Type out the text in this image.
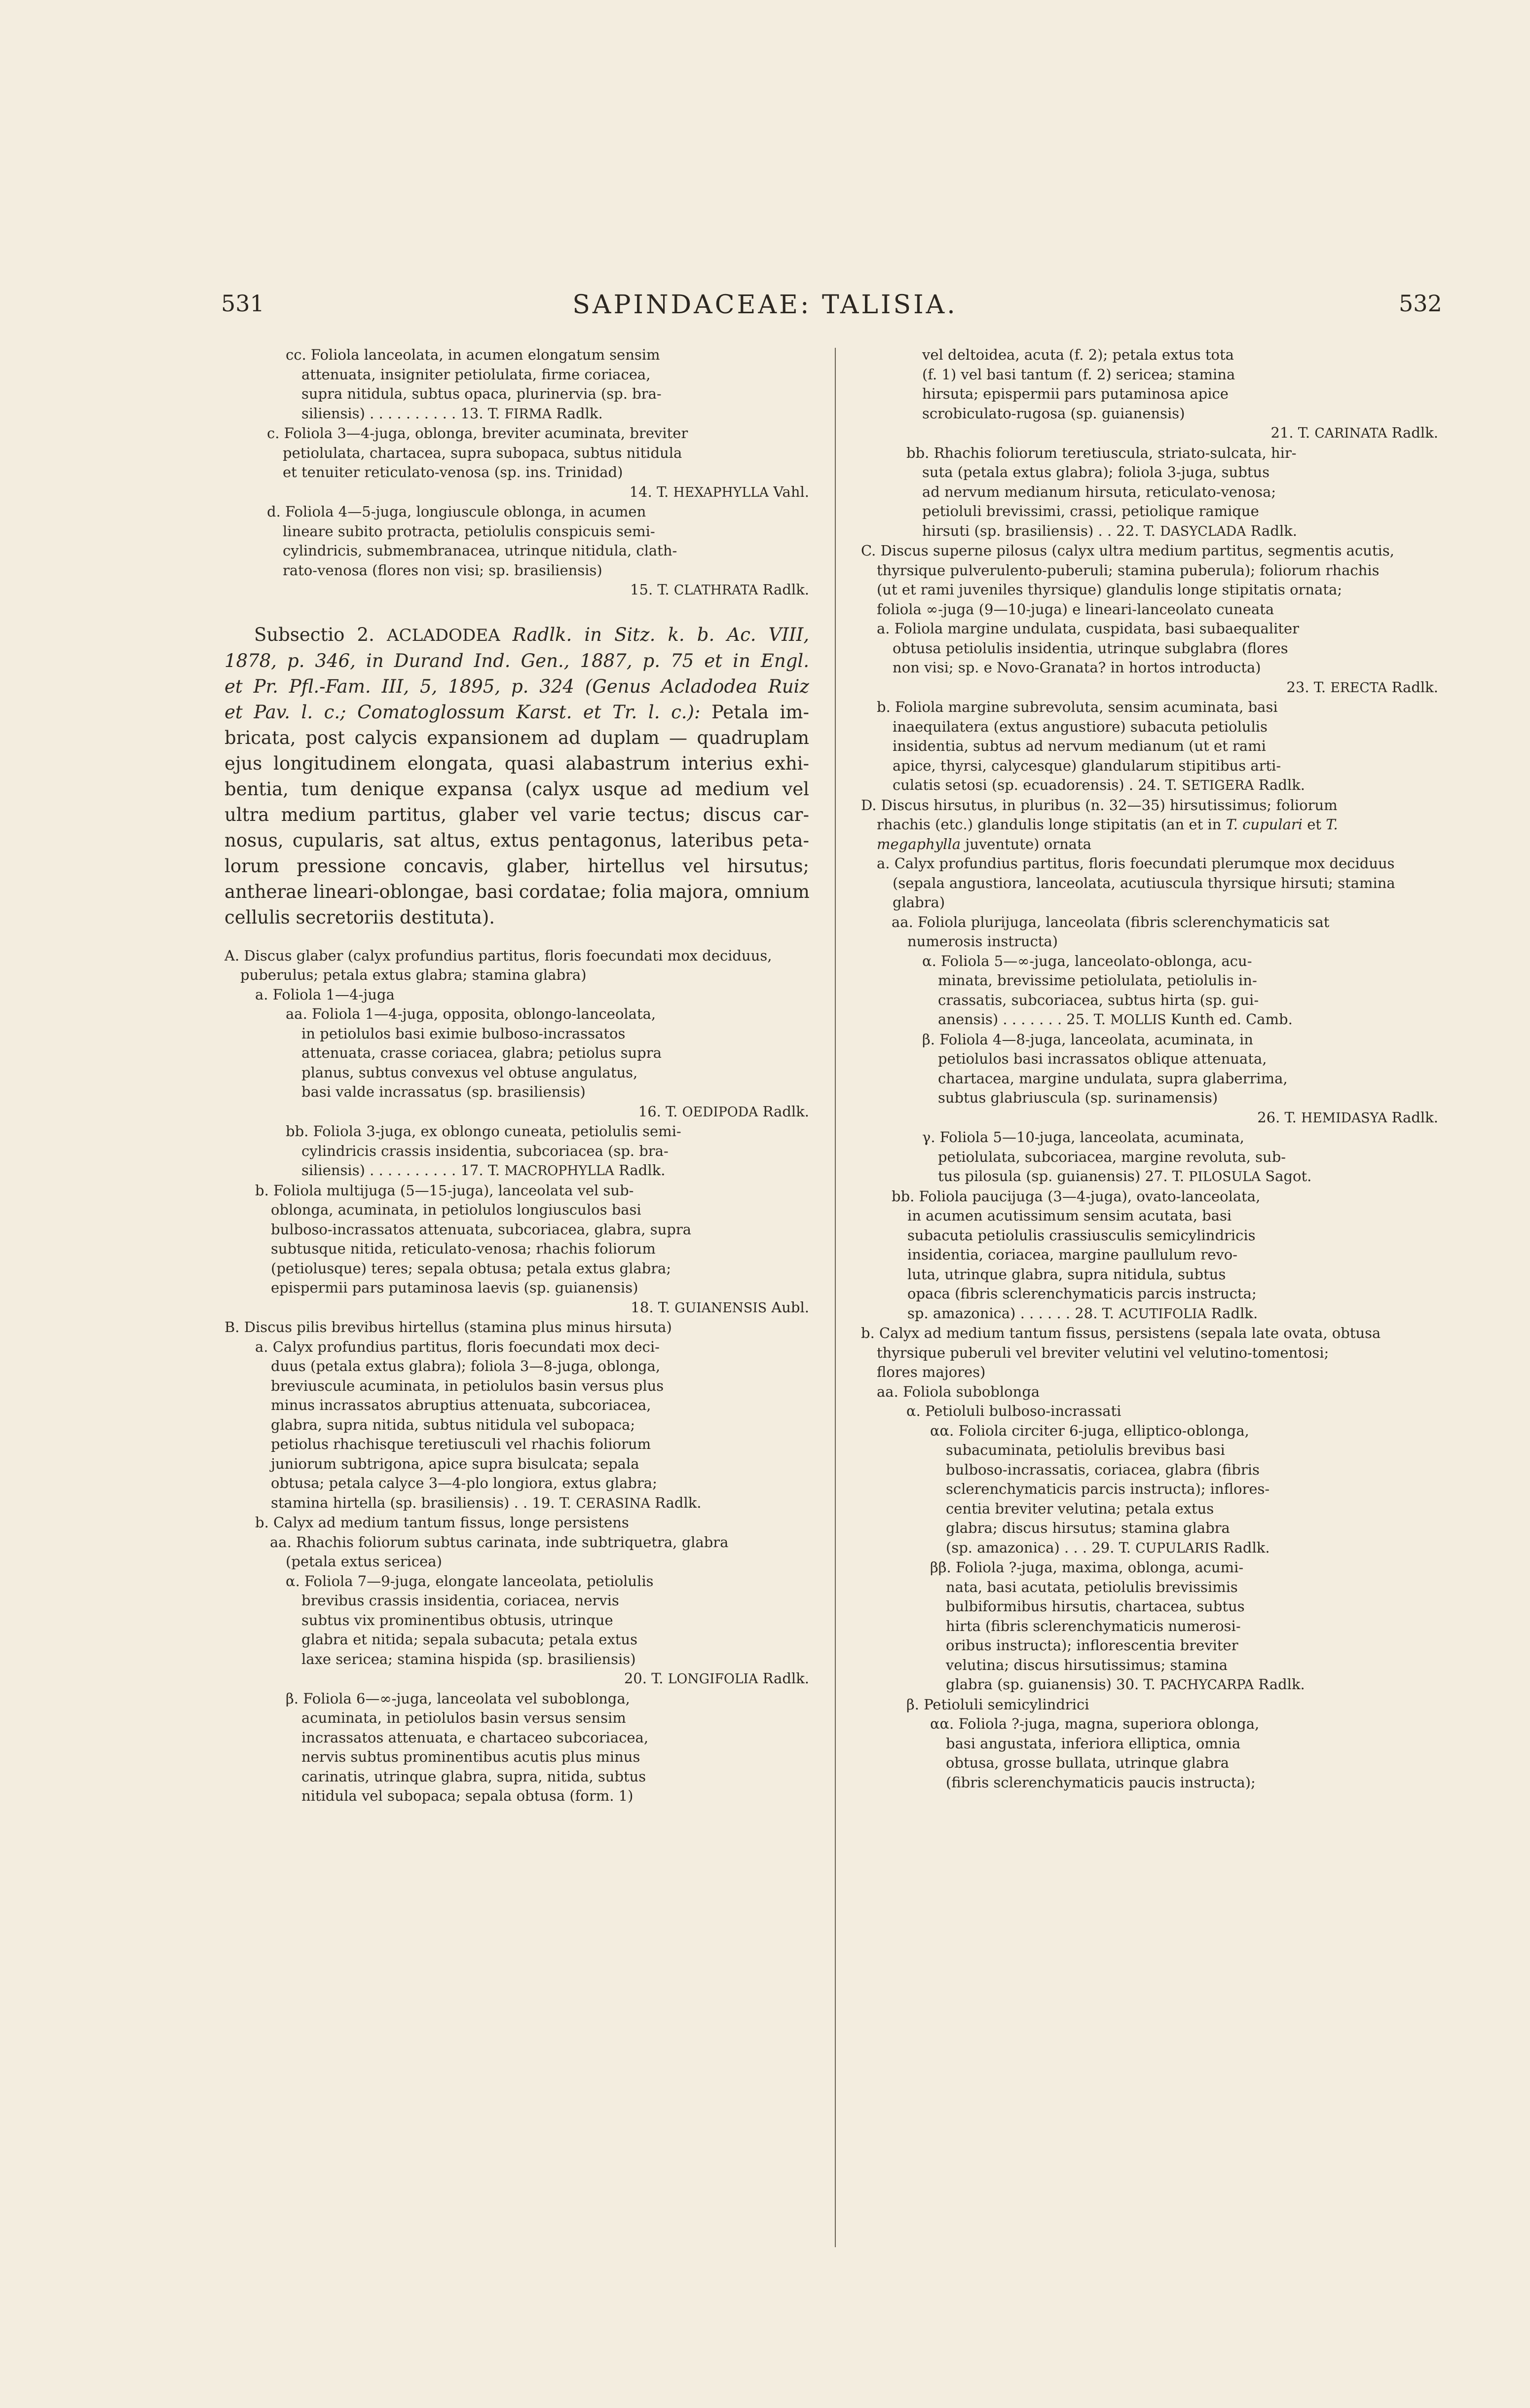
531	SAPINDACEAE: TALISIA.	532
cc. Foliola lanceolata, in acumen elongatum sensim
attenuata, insigniter petiolulata, firme coriacea,
supra nitidula, subtus opaca, plurinervia (sp. bra-
siliensis) . . . . . . . . . . 13. T. FIRMA Radlk.
c. Foliola 3—4-juga, oblonga, breviter acuminata, breviter
petiolulata, chartacea, supra subopaca, subtus nitidula
et tenuiter reticulato-venosa (sp. ins. Trinidad)
14. T. HEXAPHYLLA Vahl.
d. Foliola 4—5-juga, longiuscule oblonga, in acumen
lineare subito protracta, petiolulis conspicuis semi-
cylindricis, submembranacea, utrinque nitidula, clath-
rato-venosa (flores non visi; sp. brasiliensis)
15. T. CLATHRATA Radlk.
Subsectio 2. ACLADODEA Radlk. in Sitz. k. b. Ac. VIII,
1878, p. 346, in Durand Ind. Gen., 1887, p. 75 et in Engl.
et Pr. Pfl.-Fam. III, 5, 1895, p. 324 (Genus Acladodea Ruiz
et Pav. l. c.; Comatoglossum Karst. et Tr. l. c.): Petala im-
bricata, post calycis expansionem ad duplam — quadruplam
ejus longitudinem elongata, quasi alabastrum interius exhi-
bentia, tum denique expansa (calyx usque ad medium vel
ultra medium partitus, glaber vel varie tectus; discus car-
nosus, cupularis, sat altus, extus pentagonus, lateribus peta-
lorum pressione concavis, glaber, hirtellus vel hirsutus;
antherae lineari-oblongae, basi cordatae; folia majora, omnium
cellulis secretoriis destituta).
A. Discus glaber (calyx profundius partitus, floris foecundati mox deciduus,
puberulus; petala extus glabra; stamina glabra)
a. Foliola 1—4-juga
aa. Foliola 1—4-juga, opposita, oblongo-lanceolata,
in petiolulos basi eximie bulboso-incrassatos
attenuata, crasse coriacea, glabra; petiolus supra
planus, subtus convexus vel obtuse angulatus,
basi valde incrassatus (sp. brasiliensis)
16. T. OEDIPODA Radlk.
bb. Foliola 3-juga, ex oblongo cuneata, petiolulis semi-
cylindricis crassis insidentia, subcoriacea (sp. bra-
siliensis) . . . . . . . . . . 17. T. MACROPHYLLA Radlk.
b. Foliola multijuga (5—15-juga), lanceolata vel sub-
oblonga, acuminata, in petiolulos longiusculos basi
bulboso-incrassatos attenuata, subcoriacea, glabra, supra
subtusque nitida, reticulato-venosa; rhachis foliorum
(petiolusque) teres; sepala obtusa; petala extus glabra;
epispermii pars putaminosa laevis (sp. guianensis)
18. T. GUIANENSIS Aubl.
B. Discus pilis brevibus hirtellus (stamina plus minus hirsuta)
a. Calyx profundius partitus, floris foecundati mox deci-
duus (petala extus glabra); foliola 3—8-juga, oblonga,
breviuscule acuminata, in petiolulos basin versus plus
minus incrassatos abruptius attenuata, subcoriacea,
glabra, supra nitida, subtus nitidula vel subopaca;
petiolus rhachisque teretiusculi vel rhachis foliorum
juniorum subtrigona, apice supra bisulcata; sepala
obtusa; petala calyce 3—4-plo longiora, extus glabra;
stamina hirtella (sp. brasiliensis) . . 19. T. CERASINA Radlk.
b. Calyx ad medium tantum fissus, longe persistens
aa. Rhachis foliorum subtus carinata, inde subtriquetra, glabra
(petala extus sericea)
α. Foliola 7—9-juga, elongate lanceolata, petiolulis
brevibus crassis insidentia, coriacea, nervis
subtus vix prominentibus obtusis, utrinque
glabra et nitida; sepala subacuta; petala extus
laxe sericea; stamina hispida (sp. brasiliensis)
20. T. LONGIFOLIA Radlk.
β. Foliola 6—∞-juga, lanceolata vel suboblonga,
acuminata, in petiolulos basin versus sensim
incrassatos attenuata, e chartaceo subcoriacea,
nervis subtus prominentibus acutis plus minus
carinatis, utrinque glabra, supra, nitida, subtus
nitidula vel subopaca; sepala obtusa (form. 1)
vel deltoidea, acuta (f. 2); petala extus tota
(f. 1) vel basi tantum (f. 2) sericea; stamina
hirsuta; epispermii pars putaminosa apice
scrobiculato-rugosa (sp. guianensis)
21. T. CARINATA Radlk.
bb. Rhachis foliorum teretiuscula, striato-sulcata, hir-
suta (petala extus glabra); foliola 3-juga, subtus
ad nervum medianum hirsuta, reticulato-venosa;
petioluli brevissimi, crassi, petiolique ramique
hirsuti (sp. brasiliensis) . . 22. T. DASYCLADA Radlk.
C. Discus superne pilosus (calyx ultra medium partitus, segmentis acutis,
thyrsique pulverulento-puberuli; stamina puberula); foliorum rhachis
(ut et rami juveniles thyrsique) glandulis longe stipitatis ornata;
foliola ∞-juga (9—10-juga) e lineari-lanceolato cuneata
a. Foliola margine undulata, cuspidata, basi subaequaliter
obtusa petiolulis insidentia, utrinque subglabra (flores
non visi; sp. e Novo-Granata? in hortos introducta)
23. T. ERECTA Radlk.
b. Foliola margine subrevoluta, sensim acuminata, basi
inaequilatera (extus angustiore) subacuta petiolulis
insidentia, subtus ad nervum medianum (ut et rami
apice, thyrsi, calycesque) glandularum stipitibus arti-
culatis setosi (sp. ecuadorensis) . 24. T. SETIGERA Radlk.
D. Discus hirsutus, in pluribus (n. 32—35) hirsutissimus; foliorum
rhachis (etc.) glandulis longe stipitatis (an et in T. cupulari et T.
megaphylla juventute) ornata
a. Calyx profundius partitus, floris foecundati plerumque mox deciduus
(sepala angustiora, lanceolata, acutiuscula thyrsique hirsuti; stamina
glabra)
aa. Foliola plurijuga, lanceolata (fibris sclerenchymaticis sat
numerosis instructa)
α. Foliola 5—∞-juga, lanceolato-oblonga, acu-
minata, brevissime petiolulata, petiolulis in-
crassatis, subcoriacea, subtus hirta (sp. gui-
anensis) . . . . . . . 25. T. MOLLIS Kunth ed. Camb.
β. Foliola 4—8-juga, lanceolata, acuminata, in
petiolulos basi incrassatos oblique attenuata,
chartacea, margine undulata, supra glaberrima,
subtus glabriuscula (sp. surinamensis)
26. T. HEMIDASYA Radlk.
γ. Foliola 5—10-juga, lanceolata, acuminata,
petiolulata, subcoriacea, margine revoluta, sub-
tus pilosula (sp. guianensis) 27. T. PILOSULA Sagot.
bb. Foliola paucijuga (3—4-juga), ovato-lanceolata,
in acumen acutissimum sensim acutata, basi
subacuta petiolulis crassiusculis semicylindricis
insidentia, coriacea, margine paullulum revo-
luta, utrinque glabra, supra nitidula, subtus
opaca (fibris sclerenchymaticis parcis instructa;
sp. amazonica) . . . . . . 28. T. ACUTIFOLIA Radlk.
b. Calyx ad medium tantum fissus, persistens (sepala late ovata, obtusa
thyrsique puberuli vel breviter velutini vel velutino-tomentosi;
flores majores)
aa. Foliola suboblonga
α. Petioluli bulboso-incrassati
αα. Foliola circiter 6-juga, elliptico-oblonga,
subacuminata, petiolulis brevibus basi
bulboso-incrassatis, coriacea, glabra (fibris
sclerenchymaticis parcis instructa); inflores-
centia breviter velutina; petala extus
glabra; discus hirsutus; stamina glabra
(sp. amazonica) . . . 29. T. CUPULARIS Radlk.
ββ. Foliola ?-juga, maxima, oblonga, acumi-
nata, basi acutata, petiolulis brevissimis
bulbiformibus hirsutis, chartacea, subtus
hirta (fibris sclerenchymaticis numerosi-
oribus instructa); inflorescentia breviter
velutina; discus hirsutissimus; stamina
glabra (sp. guianensis) 30. T. PACHYCARPA Radlk.
β. Petioluli semicylindrici
αα. Foliola ?-juga, magna, superiora oblonga,
basi angustata, inferiora elliptica, omnia
obtusa, grosse bullata, utrinque glabra
(fibris sclerenchymaticis paucis instructa);
